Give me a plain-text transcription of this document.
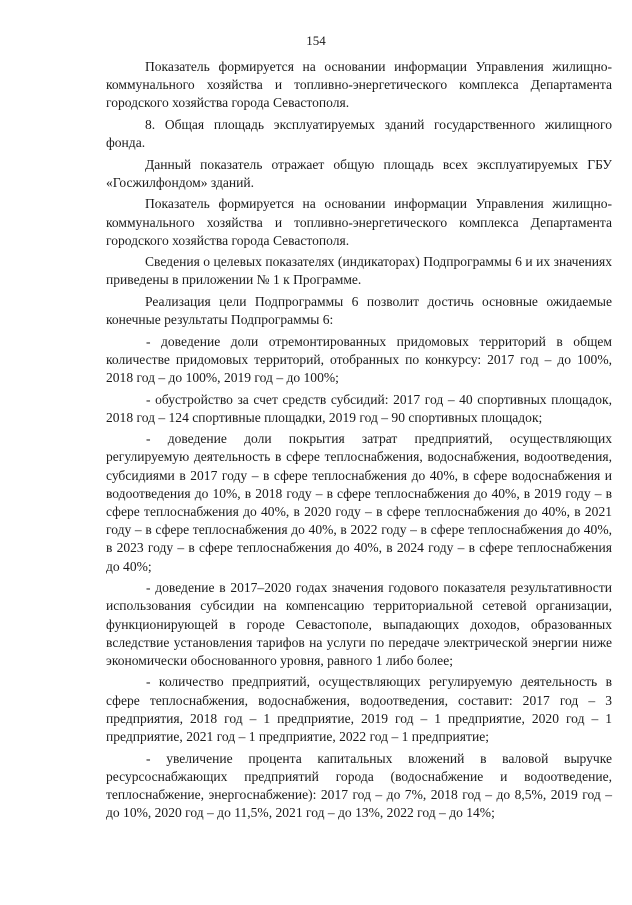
154

Показатель формируется на основании информации Управления жилищно-коммунального хозяйства и топливно-энергетического комплекса Департамента городского хозяйства города Севастополя.

8. Общая площадь эксплуатируемых зданий государственного жилищного фонда.

Данный показатель отражает общую площадь всех эксплуатируемых ГБУ «Госжилфондом» зданий.

Показатель формируется на основании информации Управления жилищно-коммунального хозяйства и топливно-энергетического комплекса Департамента городского хозяйства города Севастополя.

Сведения о целевых показателях (индикаторах) Подпрограммы 6 и их значениях приведены в приложении № 1 к Программе.

Реализация цели Подпрограммы 6 позволит достичь основные ожидаемые конечные результаты Подпрограммы 6:

- доведение доли отремонтированных придомовых территорий в общем количестве придомовых территорий, отобранных по конкурсу: 2017 год – до 100%, 2018 год – до 100%, 2019 год – до 100%;

- обустройство за счет средств субсидий: 2017 год – 40 спортивных площадок, 2018 год – 124 спортивные площадки, 2019 год – 90 спортивных площадок;

- доведение доли покрытия затрат предприятий, осуществляющих регулируемую деятельность в сфере теплоснабжения, водоснабжения, водоотведения, субсидиями в 2017 году – в сфере теплоснабжения до 40%, в сфере водоснабжения и водоотведения до 10%, в 2018 году – в сфере теплоснабжения до 40%, в 2019 году – в сфере теплоснабжения до 40%, в 2020 году – в сфере теплоснабжения до 40%, в 2021 году – в сфере теплоснабжения до 40%, в 2022 году – в сфере теплоснабжения до 40%, в 2023 году – в сфере теплоснабжения до 40%, в 2024 году – в сфере теплоснабжения до 40%;

- доведение в 2017–2020 годах значения годового показателя результативности использования субсидии на компенсацию территориальной сетевой организации, функционирующей в городе Севастополе, выпадающих доходов, образованных вследствие установления тарифов на услуги по передаче электрической энергии ниже экономически обоснованного уровня, равного 1 либо более;

- количество предприятий, осуществляющих регулируемую деятельность в сфере теплоснабжения, водоснабжения, водоотведения, составит: 2017 год – 3 предприятия, 2018 год – 1 предприятие, 2019 год – 1 предприятие, 2020 год – 1 предприятие, 2021 год – 1 предприятие, 2022 год – 1 предприятие;

- увеличение процента капитальных вложений в валовой выручке ресурсоснабжающих предприятий города (водоснабжение и водоотведение, теплоснабжение, энергоснабжение): 2017 год – до 7%, 2018 год – до 8,5%, 2019 год – до 10%, 2020 год – до 11,5%, 2021 год – до 13%, 2022 год – до 14%;
